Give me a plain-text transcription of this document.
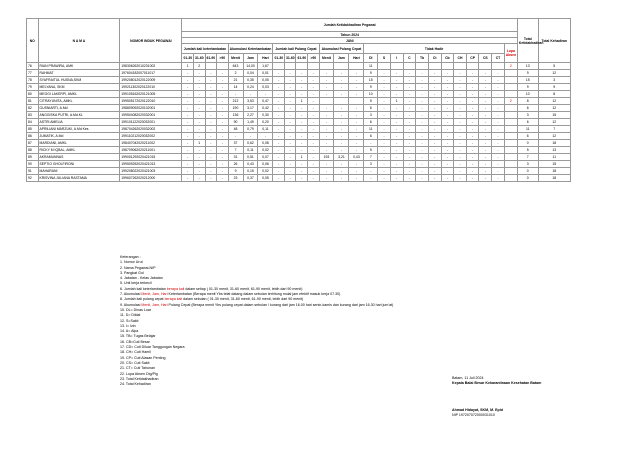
NO	N A M A	NOMOR INDUK PEGAWAI	Jumlah Ketidakhadiran Pegawai																										Total Ketidakhadiran	Total Kehadiran
			Tahun 2024																											
			JUNI																											
			Jumlah kali keterlambatan				Akumulasi Keterlambatan			Jumlah kali Pulang Cepat				Akumulasi Pulang Cepat			Tidak Hadir											Lupa Absen		
			01-30	31-60	61-90	>90	Menit	Jam	Hari	01-30	31-60	61-90	>90	Menit	Jam	Hari	Dl	S	I	C	Tb	Ct	Cb	CH	CP	CS	CT			
76	RIAN PRAWIRA, AMK	198306262010231002	1	2			643	14,00	1,67								11											2	13	5
77	RAHMAT	197604182007011017	-	-	-	-	2	0,04	0,01	-	-	-	-	-	-	-	9	-	-	-	-	-	-	-	-	-	-		9	12
78	SYAFRAITUL HUSNA,SKM	199208012020122009	-	-	-	-	21	0,35	0,05	-	-	-	-	-	-	-	15	-	-	-	-	-	-	-	-	-	-		15	3
79	MELYANA, SKM	199211302020122010	-	-	-	-	14	0,24	0,03	-	-	-	-	-	-	-	9	-	-	-	-	-	-	-	-	-	-		9	9
80	MEGGI LAKERPI, AMKL	199105162020121005	-	-	-	-	-	-	-	-	-	-	-	-	-	-	10	-	-	-	-	-	-	-	-	-	-		10	8
81	CITRAYUNITA, AMKL	199505172020122010	-	-	-	-	212	3,53	0,47	-	-	1	-				5	-	1	-	-	-	-	-	-	-	-	2	8	12
82	GUSNIARTI, A.Md	198809092020102001	-	-	-	-	190	3,17	0,42	-	-	-	-	-	-	-	6	-	-	-	-	-	-	-	-	-	-		6	12
83	ANGGISKA PUTRI, A.Md.KL	199504082020032001	-	-	-	-	136	2,27	0,30	-	-	-	-	-	-	-	3	-	-	-	-	-	-	-	-	-	-		3	15
84	ASTRI AMELIA	199101122020032001	-	-	-	-	90	1,49	0,20	-	-	-	-	-	-	-	6	-	-	-	-	-	-	-	-	-	-		6	12
85	APRILIANI MARZUKI, A.Md Kes	198704262020032002	-	-	-	-	48	0,79	0,11	-	-	-	-	-	-	-	11	-	-	-	-	-	-	-	-	-	-		11	7
86	JUMATIK, A.Md	199110212020032002	-	-	-	-	-	-	-	-	-	-	-	-	-	-	6	-	-	-	-	-	-	-	-	-	-		6	12
87	MARDIANI, AMKL	198407042020211002	-	1	-	-	37	0,62	0,08	-	-	-	-	-	-	-	-	-	-	-	-	-	-	-	-	-	-		0	18
88	RICKY M IQBAL, AMKL	198709062020211001	-	-	-	-	7	0,11	0,02	-	-	-	-	-	-	-	5	-	-	-	-	-	-	-	-	-	-		5	13
89	AKRAMUNNAS	199001292020421015	-	-	-	-	31	0,51	0,07	-	-	1	-	193	3,21	0,43	7	-	-	-	-	-	-	-	-	-	-		7	11
90	SEPTIO GHOLFIRONI	199509252020421013	-	-	-	-	26	0,43	0,06	-	-	-	-	-	-	-	3	-	-	-	-	-	-	-	-	-	-		3	15
91	MAHARANI	199208022020421003	-	-	-	-	9	0,15	0,02	-	-	-	-	-	-	-	-	-	-	-	-	-	-	-	-	-	-		0	18
92	KRISVINA JULIANA RASTAMA	199607262020212000	-	-	-	-	23	0,37	0,05	-	-	-	-	-	-	-	-	-	-	-	-	-	-	-	-	-	-		0	18
Keterangan :
1. Nomor Urut
2. Nama Pegawai-NIP
3. Pangkat Gol
4. Jabatan - Kelas Jabatan
5. Unit kerja terkecil
6. Jumlah kali keterlambatan berapa kali dalam setiap ( 01-30 menit, 31-60 menit, 61-90 menit, lebih dari 90 menit)
7. Akumulasi Menit, Jam, Hari Keterlambatan (Berapa menit Ybs telat datang dalam sebulan terhitung mulai jam efektif masuk kerja 07.30)
8. Jumlah kali pulang cepat berapa kali dalam sebulan ( 01-30 menit, 31-60 menit, 61-90 menit, lebih dari 90 menit)
9. Akumulasi Menit, Jam, Hari Pulang Cepat (Berapa menit Ybs pulang cepat dalam sebulan / kurang dari jam 16.00 hari senin-kamis dan kurang dari jam 16.30 hari jum'at)
10. DL= Dinas Luar
11. D= Diklat
12. S=Sakit
13. I= Izin
14. A= Alpa
15. TB= Tugas Belajar
16. CB=Cuti Besar
17. CD= Cuti Diluar Tanggungan Negara
18. CH= Cuti Hamil
19. CP= Cuti Alasan Penting
20. CS= Cuti Sakit
21. CT= Cuti Tahunan
22. Lupa Absen Dtg/Plg
23. Total Ketidakhadiran
24. Total Kehadiran
Batam, 11 Juli 2024
Kepala Balai Besar Kekarantinaan Kesehatan Batam
Ahmad Hidayat, SKM, M. Epid
NIP 197207072000031010
